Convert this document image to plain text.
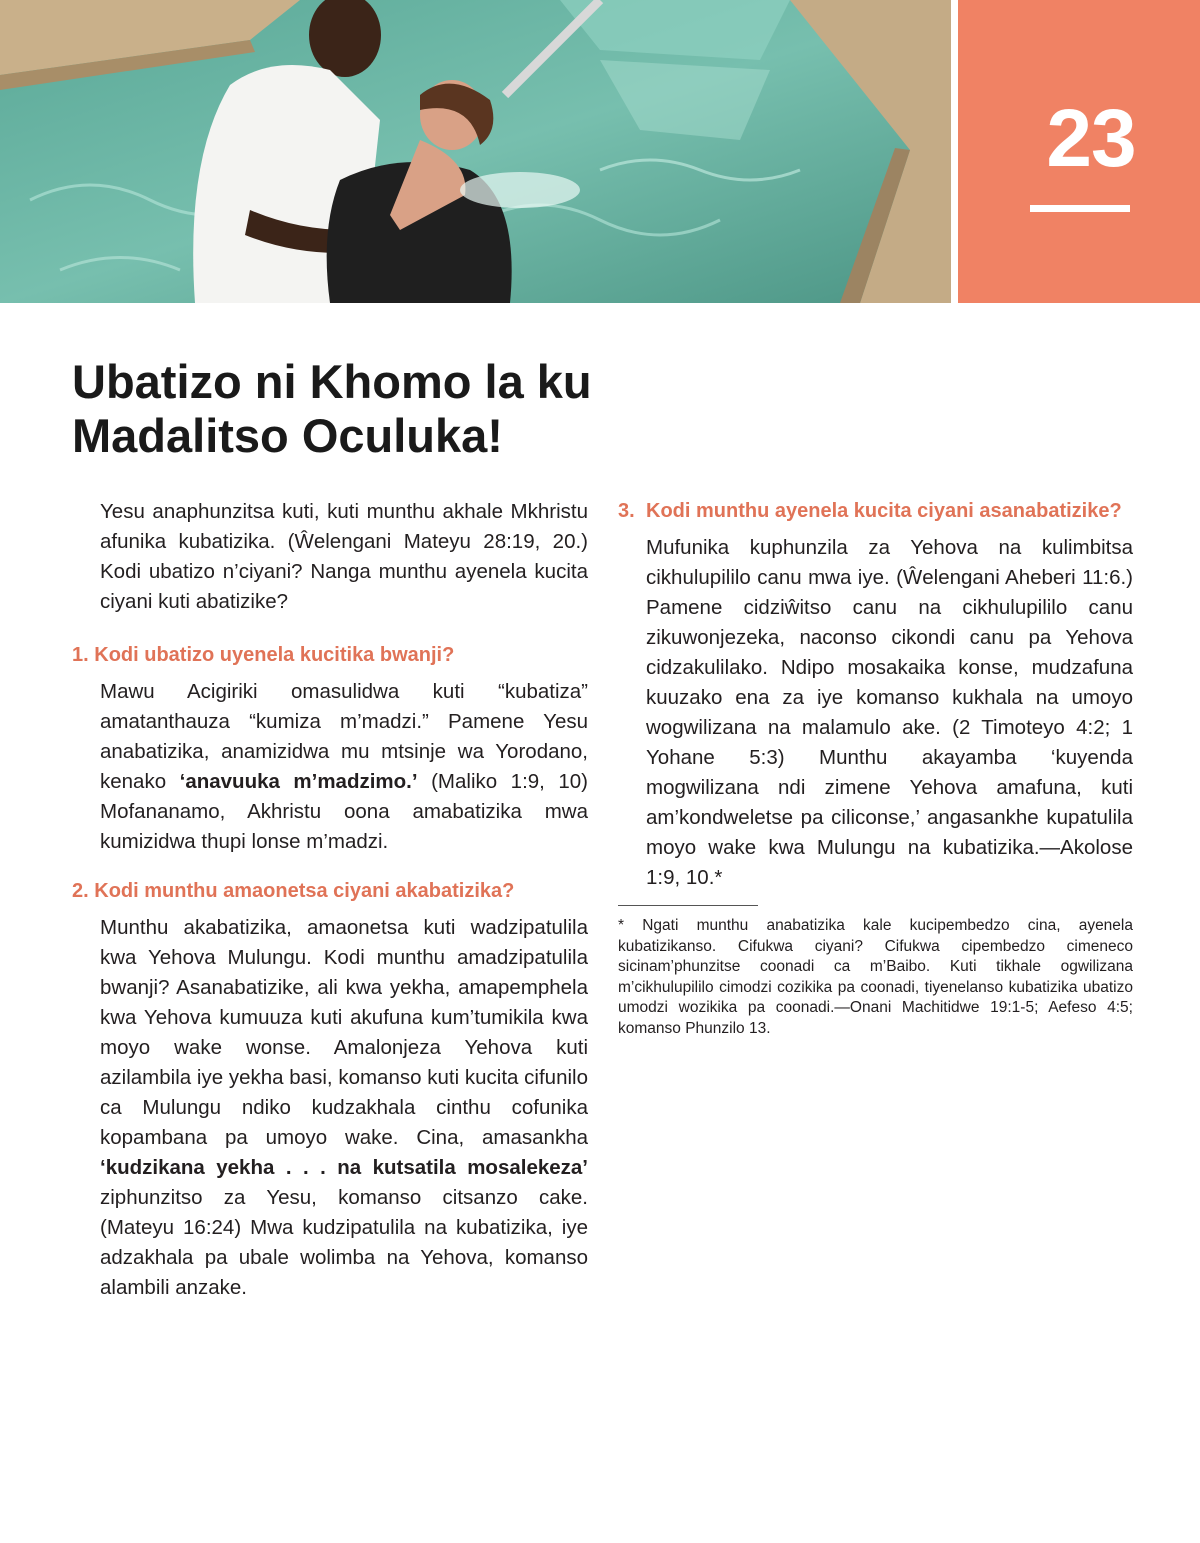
23
Ubatizo ni Khomo la ku
Madalitso Oculuka!

Yesu anaphunzitsa kuti, kuti munthu akhale Mkhristu afunika kubatizika. (Ŵelengani Mateyu 28:19, 20.) Kodi ubatizo n’ciyani? Nanga munthu ayenela kucita ciyani kuti abatizike?

1. Kodi ubatizo uyenela kucitika bwanji?

Mawu Acigiriki omasulidwa kuti “kubatiza” amatanthauza “kumiza m’madzi.” Pamene Yesu anabatizika, anamizidwa mu mtsinje wa Yorodano, kenako ‘anavuuka m’madzimo.’ (Maliko 1:9, 10) Mofananamo, Akhristu oona amabatizika mwa kumizidwa thupi lonse m’madzi.

2. Kodi munthu amaonetsa ciyani akabatizika?

Munthu akabatizika, amaonetsa kuti wadzipatulila kwa Yehova Mulungu. Kodi munthu amadzipatulila bwanji? Asanabatizike, ali kwa yekha, amapemphela kwa Yehova kumuuza kuti akufuna kum’tumikila kwa moyo wake wonse. Amalonjeza Yehova kuti azilambila iye yekha basi, komanso kuti kucita cifunilo ca Mulungu ndiko kudzakhala cinthu cofunika kopambana pa umoyo wake. Cina, amasankha ‘kudzikana yekha . . . na kutsatila mosalekeza’ ziphunzitso za Yesu, komanso citsanzo cake. (Mateyu 16:24) Mwa kudzipatulila na kubatizika, iye adzakhala pa ubale wolimba na Yehova, komanso alambili anzake.

3. Kodi munthu ayenela kucita ciyani asanabatizike?

Mufunika kuphunzila za Yehova na kulimbitsa cikhulupililo canu mwa iye. (Ŵelengani Aheberi 11:6.) Pamene cidziŵitso canu na cikhulupililo canu zikuwonjezeka, naconso cikondi canu pa Yehova cidzakulilako. Ndipo mosakaika konse, mudzafuna kuuzako ena za iye komanso kukhala na umoyo wogwilizana na malamulo ake. (2 Timoteyo 4:2; 1 Yohane 5:3) Munthu akayamba ‘kuyenda mogwilizana ndi zimene Yehova amafuna, kuti am’kondweletse pa ciliconse,’ angasankhe kupatulila moyo wake kwa Mulungu na kubatizika.—Akolose 1:9, 10.*

* Ngati munthu anabatizika kale kucipembedzo cina, ayenela kubatizikanso. Cifukwa ciyani? Cifukwa cipembedzo cimeneco sicinam’phunzitse coonadi ca m’Baibo. Kuti tikhale ogwilizana m’cikhulupililo cimodzi cozikika pa coonadi, tiyenelanso kubatizika ubatizo umodzi wozikika pa coonadi.—Onani Machitidwe 19:1-5; Aefeso 4:5; komanso Phunzilo 13.
